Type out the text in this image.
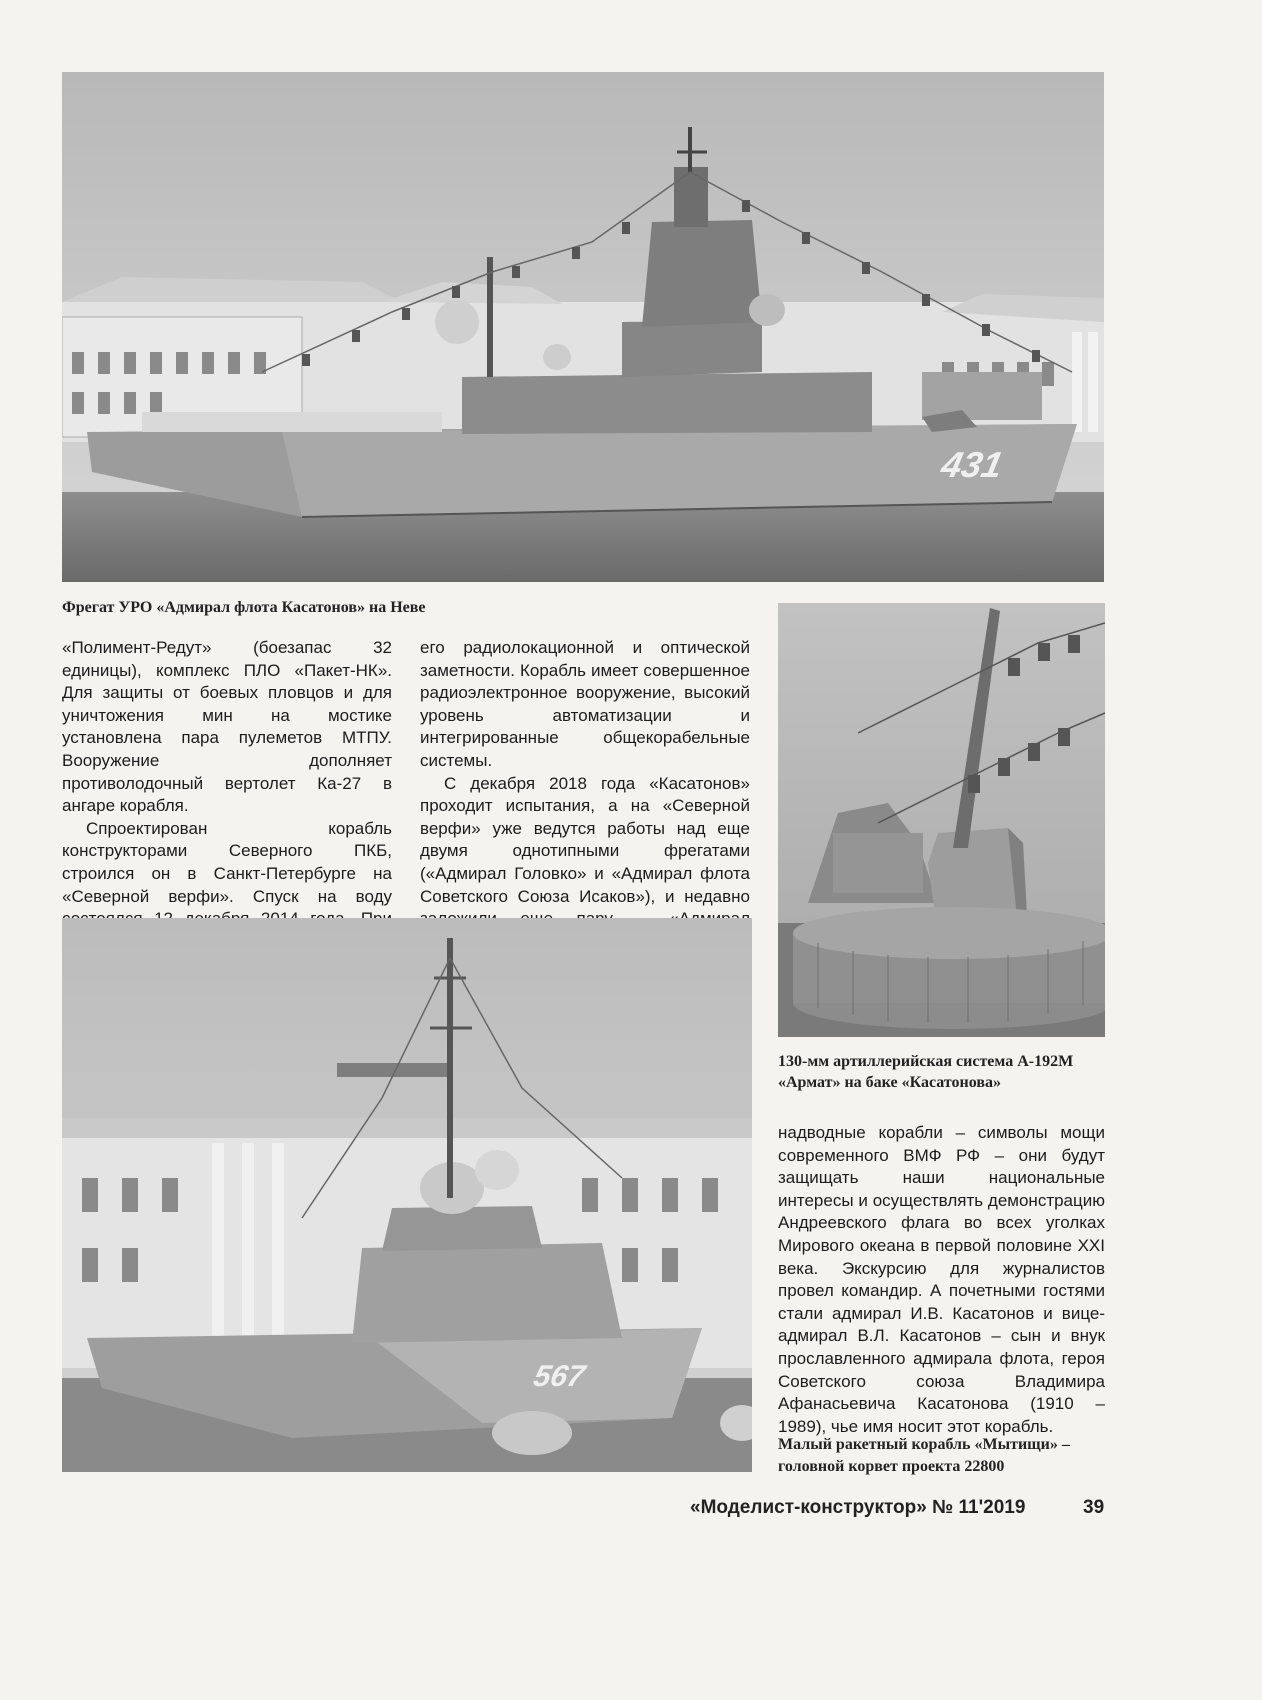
431
Фрегат УРО «Адмирал флота Касатонов» на Неве

«Полимент-Редут» (боезапас 32 единицы), комплекс ПЛО «Пакет-НК». Для защиты от боевых пловцов и для уничтожения мин на мостике установлена пара пулеметов МТПУ. Вооружение дополняет противолодочный вертолет Ка-27 в ангаре корабля.

Спроектирован корабль конструкторами Северного ПКБ, строился он в Санкт-Петербурге на «Северной верфи». Спуск на воду

его радиолокационной и оптической заметности. Корабль имеет совершенное радиоэлектронное вооружение, высокий уровень автоматизации и интегрированные общекорабельные системы.

С декабря 2018 года «Касатонов» проходит испытания, а на «Северной верфи» уже ведутся работы над еще двумя однотипными фрегатами («Адмирал Головко» и «Адмирал флота Советского Союза Исаков»), и недавно

130-мм артиллерийская система А-192М
«Армат» на баке «Касатонова»
567

надводные корабли – символы мощи современного ВМФ РФ – они будут защищать наши национальные интересы и осуществлять демонстрацию Андреевского флага во всех уголках Мирового океана в первой половине XXI века. Экскурсию для журналистов провел командир. А почетными гостями стали адмирал И.В. Касатонов и вице-адмирал В.Л. Касатонов – сын и внук прославленного адмирала флота, героя Советского союза Владимира Афанасьевича Касатонова (1910 – 1989), чье имя носит этот корабль.

Малый ракетный корабль «Мытищи» –
головной корвет проекта 22800
«Моделист-конструктор» № 11'2019	39
